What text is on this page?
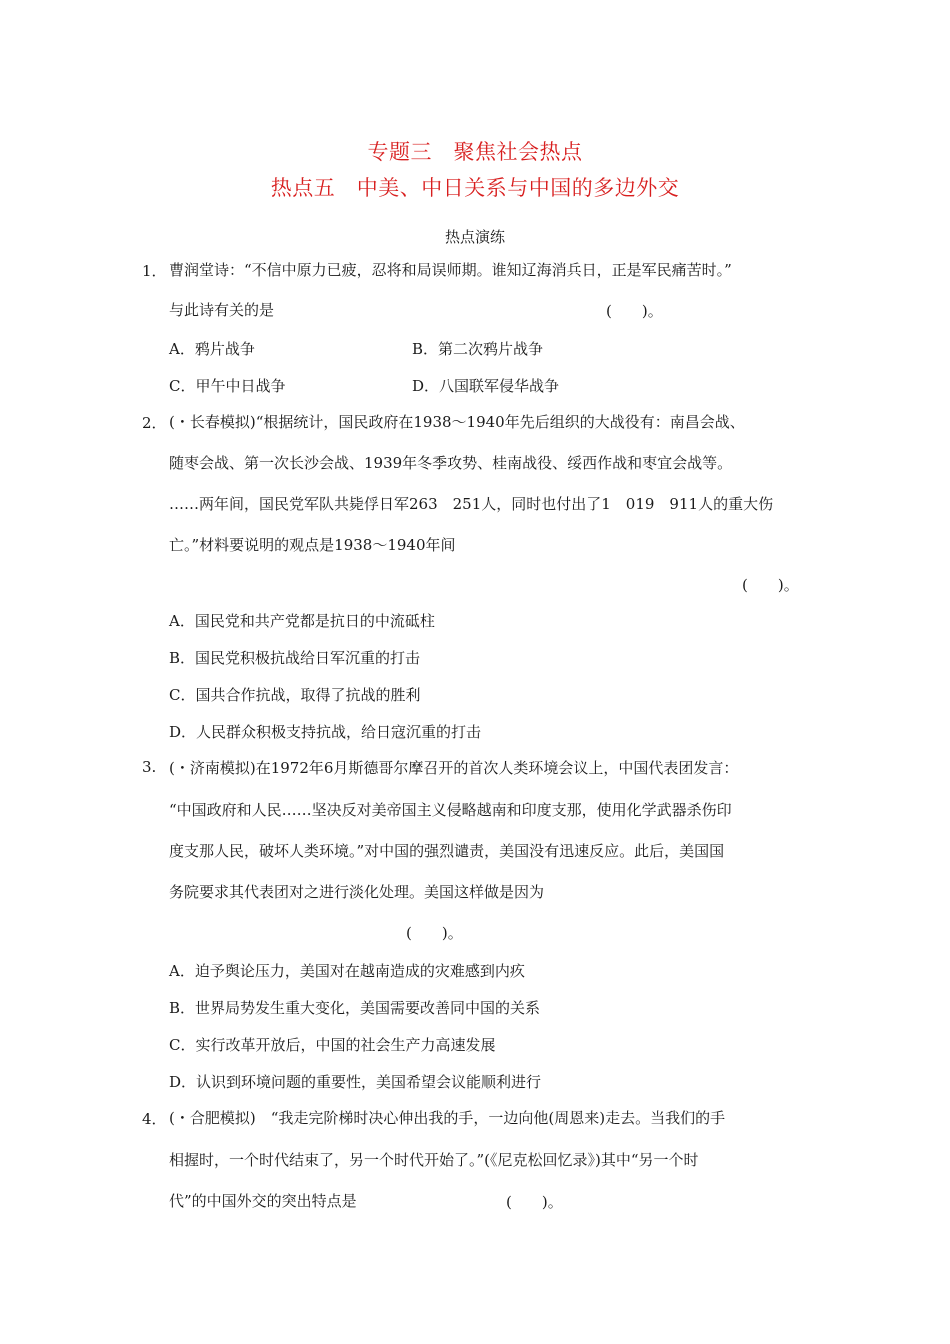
专题三　聚焦社会热点
热点五　中美、中日关系与中国的多边外交
热点演练
1． 曹润堂诗：“不信中原力已疲，忍将和局误师期。谁知辽海消兵日，正是军民痛苦时。”
与此诗有关的是	(　　)。
A．鸦片战争	B．第二次鸦片战争
C．甲午中日战争	D．八国联军侵华战争
2． (・长春模拟)“根据统计，国民政府在1938～1940年先后组织的大战役有：南昌会战、
随枣会战、第一次长沙会战、1939年冬季攻势、桂南战役、绥西作战和枣宜会战等。
……两年间，国民党军队共毙俘日军263　251人，同时也付出了1　019　911人的重大伤
亡。”材料要说明的观点是1938～1940年间
(　　)。
A．国民党和共产党都是抗日的中流砥柱
B．国民党积极抗战给日军沉重的打击
C．国共合作抗战，取得了抗战的胜利
D．人民群众积极支持抗战，给日寇沉重的打击
3. (・济南模拟)在1972年6月斯德哥尔摩召开的首次人类环境会议上，中国代表团发言：
“中国政府和人民……坚决反对美帝国主义侵略越南和印度支那，使用化学武器杀伤印
度支那人民，破坏人类环境。”对中国的强烈谴责，美国没有迅速反应。此后，美国国
务院要求其代表团对之进行淡化处理。美国这样做是因为
(　　)。
A．迫予舆论压力，美国对在越南造成的灾难感到内疚
B．世界局势发生重大变化，美国需要改善同中国的关系
C．实行改革开放后，中国的社会生产力高速发展
D．认识到环境问题的重要性，美国希望会议能顺利进行
4． (・合肥模拟)　“我走完阶梯时决心伸出我的手，一边向他(周恩来)走去。当我们的手
相握时，一个时代结束了，另一个时代开始了。”(《尼克松回忆录》)其中“另一个时
代”的中国外交的突出特点是	(　　)。
